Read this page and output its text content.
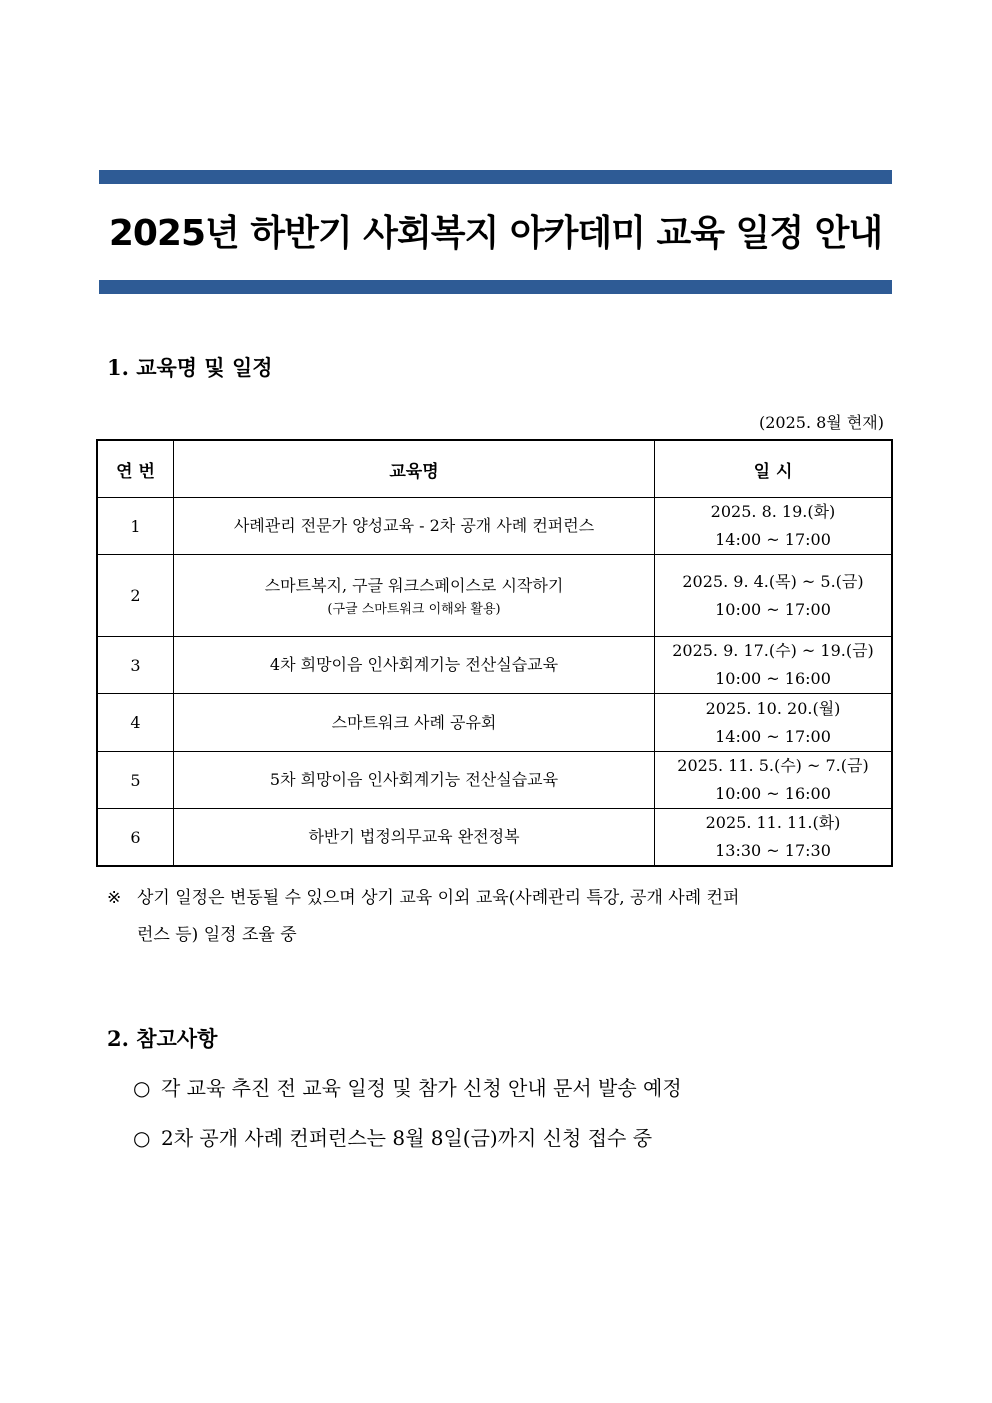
2025년 하반기 사회복지 아카데미 교육 일정 안내
1. 교육명 및 일정
(2025. 8월 현재)
연 번	교육명	일 시
1	사례관리 전문가 양성교육 - 2차 공개 사례 컨퍼런스	2025. 8. 19.(화)
14:00 ~ 17:00

2	스마트복지, 구글 워크스페이스로 시작하기
(구글 스마트워크 이해와 활용)	2025. 9. 4.(목) ~ 5.(금)
10:00 ~ 17:00

3	4차 희망이음 인사회계기능 전산실습교육	2025. 9. 17.(수) ~ 19.(금)
10:00 ~ 16:00

4	스마트워크 사례 공유회	2025. 10. 20.(월)
14:00 ~ 17:00

5	5차 희망이음 인사회계기능 전산실습교육	2025. 11. 5.(수) ~ 7.(금)
10:00 ~ 16:00

6	하반기 법정의무교육 완전정복	2025. 11. 11.(화)
13:30 ~ 17:30
※ 상기 일정은 변동될 수 있으며 상기 교육 이외 교육(사례관리 특강, 공개 사례 컨퍼
런스 등) 일정 조율 중
2. 참고사항
○ 각 교육 추진 전 교육 일정 및 참가 신청 안내 문서 발송 예정
○ 2차 공개 사례 컨퍼런스는 8월 8일(금)까지 신청 접수 중
